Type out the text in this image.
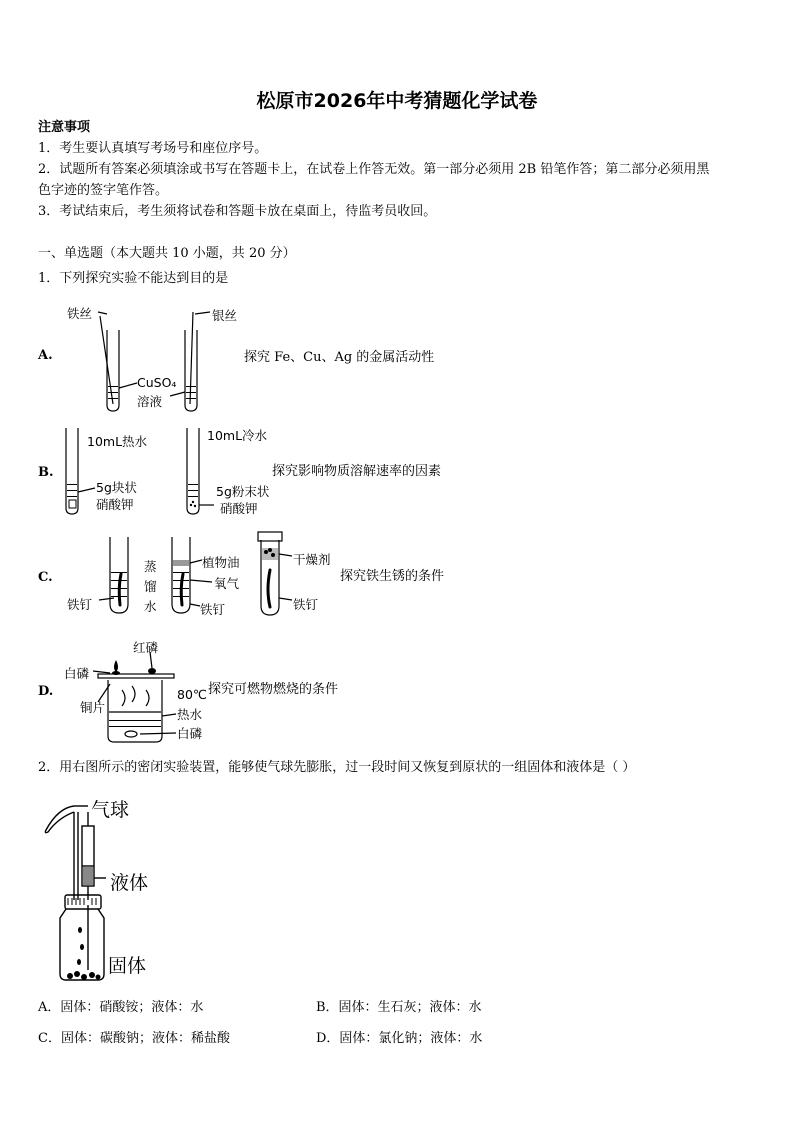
松原市2026年中考猜题化学试卷
注意事项
1．考生要认真填写考场号和座位序号。
2．试题所有答案必须填涂或书写在答题卡上，在试卷上作答无效。第一部分必须用 2B 铅笔作答；第二部分必须用黑
色字迹的签字笔作答。
3．考试结束后，考生须将试卷和答题卡放在桌面上，待监考员收回。
一、单选题（本大题共 10 小题，共 20 分）
1．下列探究实验不能达到目的是
A.
铁丝	银丝
CuSO₄
溶液
探究 Fe、Cu、Ag 的金属活动性
B.
10mL热水	10mL冷水
5g块状
硝酸钾
5g粉末状
硝酸钾
探究影响物质溶解速率的因素
C.
铁钉
蒸
馏
水
植物油
氧气
铁钉
干燥剂
铁钉
探究铁生锈的条件
D.
红磷
白磷
80℃
铜片	热水
白磷
探究可燃物燃烧的条件
2．用右图所示的密闭实验装置，能够使气球先膨胀，过一段时间又恢复到原状的一组固体和液体是（ ）
气球
液体
固体
A．固体：硝酸铵；液体：水	B．固体：生石灰；液体：水
C．固体：碳酸钠；液体：稀盐酸	D．固体：氯化钠；液体：水
